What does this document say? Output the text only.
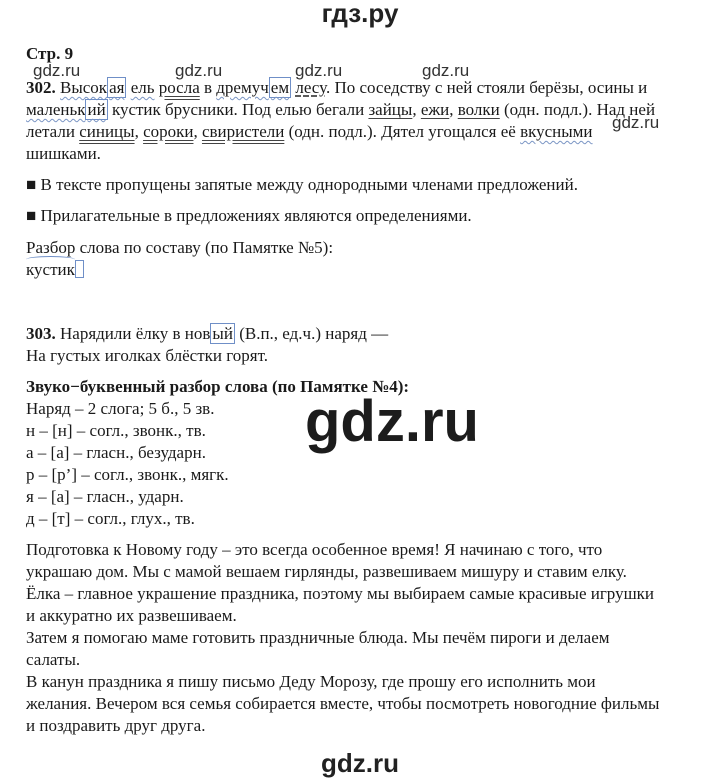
гдз.ру
Стр. 9
gdz.ru	gdz.ru	gdz.ru	gdz.ru
gdz.ru
302. Высок ая ель росла в дремуч ем лесу. По соседству с ней стояли берёзы, осины и
маленьк ий кустик брусники. Под елью бегали зайцы, ежи, волки (одн. подл.). Над ней
летали синицы, сороки, свиристели (одн. подл.). Дятел угощался её вкусными
шишками.
■ В тексте пропущены запятые между однородными членами предложений.
■ Прилагательные в предложениях являются определениями.
Разбор слова по составу (по Памятке №5):
кустик
303. Нарядили ёлку в нов ый (В.п., ед.ч.) наряд —
На густых иголках блёстки горят.
Звуко−буквенный разбор слова (по Памятке №4):
Наряд – 2 слога; 5 б., 5 зв.
н – [н] – согл., звонк., тв.
а – [а] – гласн., безударн.
р – [р’] – согл., звонк., мягк.
я – [а] – гласн., ударн.
д – [т] – согл., глух., тв.
gdz.ru
Подготовка к Новому году – это всегда особенное время! Я начинаю с того, что
украшаю дом. Мы с мамой вешаем гирлянды, развешиваем мишуру и ставим елку.
Ёлка – главное украшение праздника, поэтому мы выбираем самые красивые игрушки
и аккуратно их развешиваем.
Затем я помогаю маме готовить праздничные блюда. Мы печём пироги и делаем
салаты.
В канун праздника я пишу письмо Деду Морозу, где прошу его исполнить мои
желания. Вечером вся семья собирается вместе, чтобы посмотреть новогодние фильмы
и поздравить друг друга.
gdz.ru
